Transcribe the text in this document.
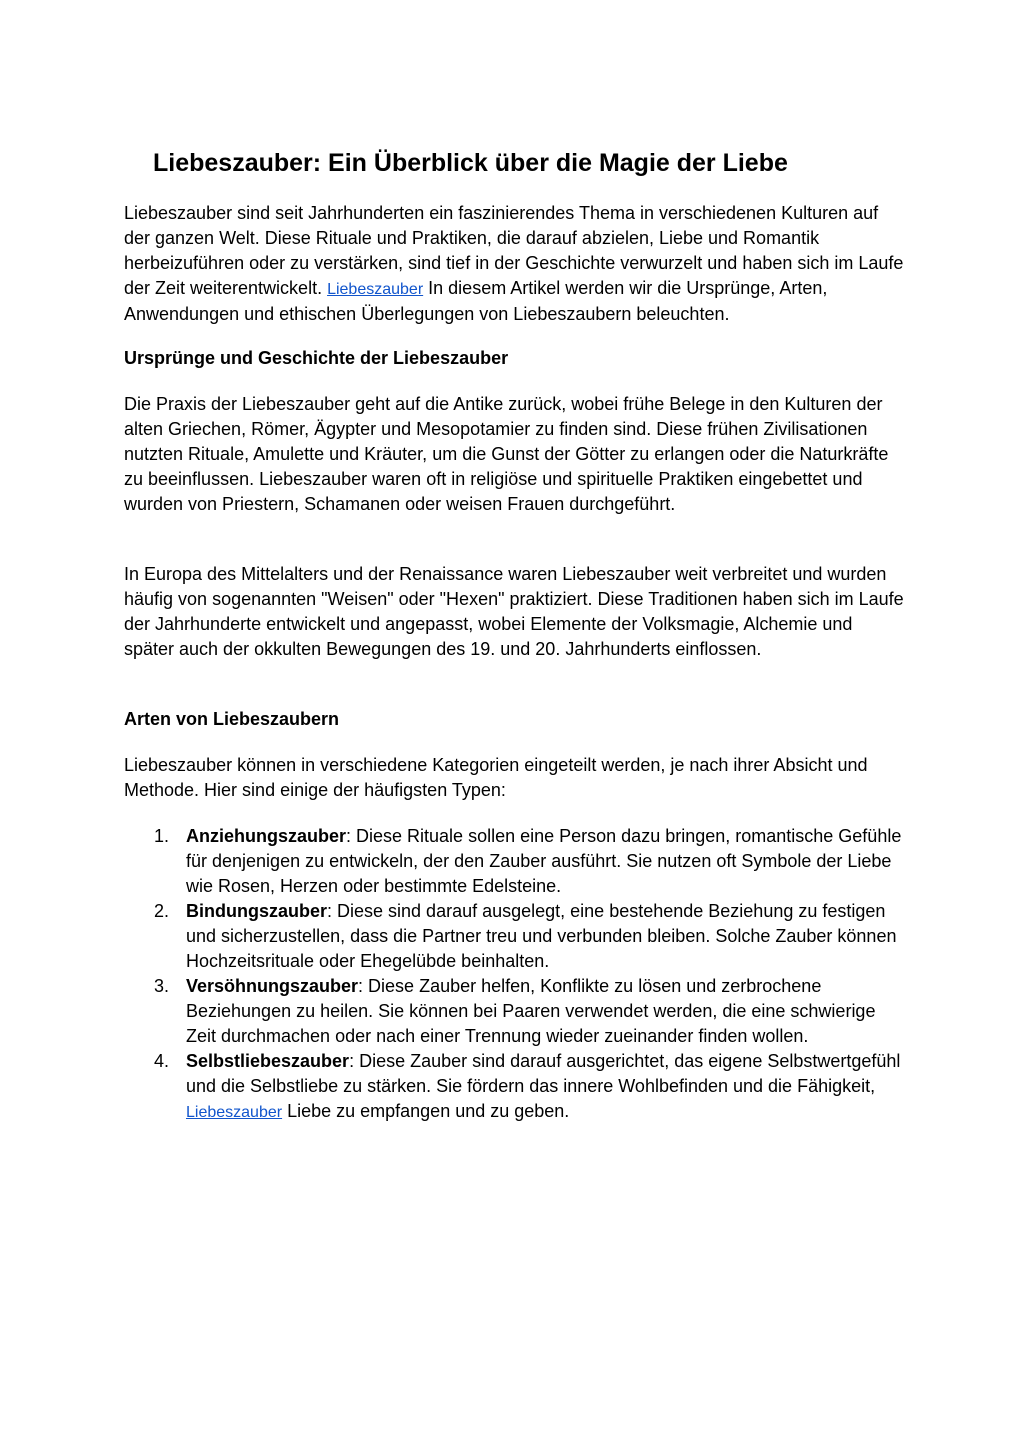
Liebeszauber: Ein Überblick über die Magie der Liebe

Liebeszauber sind seit Jahrhunderten ein faszinierendes Thema in verschiedenen Kulturen auf der ganzen Welt. Diese Rituale und Praktiken, die darauf abzielen, Liebe und Romantik herbeizuführen oder zu verstärken, sind tief in der Geschichte verwurzelt und haben sich im Laufe der Zeit weiterentwickelt. Liebeszauber In diesem Artikel werden wir die Ursprünge, Arten, Anwendungen und ethischen Überlegungen von Liebeszaubern beleuchten.

Ursprünge und Geschichte der Liebeszauber

Die Praxis der Liebeszauber geht auf die Antike zurück, wobei frühe Belege in den Kulturen der alten Griechen, Römer, Ägypter und Mesopotamier zu finden sind. Diese frühen Zivilisationen nutzten Rituale, Amulette und Kräuter, um die Gunst der Götter zu erlangen oder die Naturkräfte zu beeinflussen. Liebeszauber waren oft in religiöse und spirituelle Praktiken eingebettet und wurden von Priestern, Schamanen oder weisen Frauen durchgeführt.

In Europa des Mittelalters und der Renaissance waren Liebeszauber weit verbreitet und wurden häufig von sogenannten "Weisen" oder "Hexen" praktiziert. Diese Traditionen haben sich im Laufe der Jahrhunderte entwickelt und angepasst, wobei Elemente der Volksmagie, Alchemie und später auch der okkulten Bewegungen des 19. und 20. Jahrhunderts einflossen.

Arten von Liebeszaubern

Liebeszauber können in verschiedene Kategorien eingeteilt werden, je nach ihrer Absicht und Methode. Hier sind einige der häufigsten Typen:

1. Anziehungszauber: Diese Rituale sollen eine Person dazu bringen, romantische Gefühle für denjenigen zu entwickeln, der den Zauber ausführt. Sie nutzen oft Symbole der Liebe wie Rosen, Herzen oder bestimmte Edelsteine.
2. Bindungszauber: Diese sind darauf ausgelegt, eine bestehende Beziehung zu festigen und sicherzustellen, dass die Partner treu und verbunden bleiben. Solche Zauber können Hochzeitsrituale oder Ehegelübde beinhalten.
3. Versöhnungszauber: Diese Zauber helfen, Konflikte zu lösen und zerbrochene Beziehungen zu heilen. Sie können bei Paaren verwendet werden, die eine schwierige Zeit durchmachen oder nach einer Trennung wieder zueinander finden wollen.
4. Selbstliebeszauber: Diese Zauber sind darauf ausgerichtet, das eigene Selbstwertgefühl und die Selbstliebe zu stärken. Sie fördern das innere Wohlbefinden und die Fähigkeit, Liebeszauber Liebe zu empfangen und zu geben.
